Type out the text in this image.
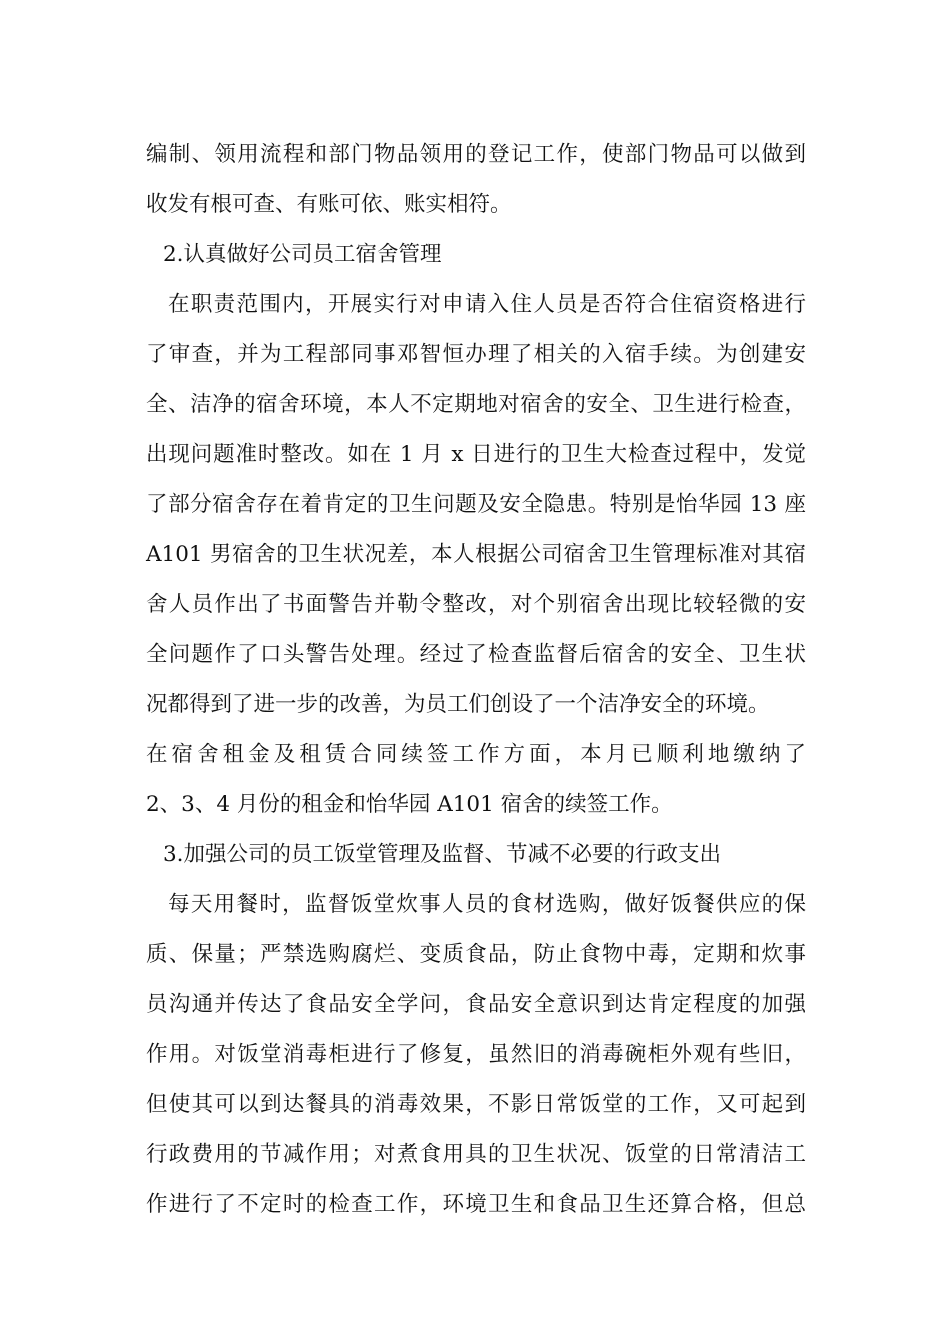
编制、领用流程和部门物品领用的登记工作，使部门物品可以做到
收发有根可查、有账可依、账实相符。
2.认真做好公司员工宿舍管理
在职责范围内，开展实行对申请入住人员是否符合住宿资格进行
了审查，并为工程部同事邓智恒办理了相关的入宿手续。为创建安
全、洁净的宿舍环境，本人不定期地对宿舍的安全、卫生进行检查，
出现问题准时整改。如在 1 月 x 日进行的卫生大检查过程中，发觉
了部分宿舍存在着肯定的卫生问题及安全隐患。特别是怡华园 13 座
A101 男宿舍的卫生状况差，本人根据公司宿舍卫生管理标准对其宿
舍人员作出了书面警告并勒令整改，对个别宿舍出现比较轻微的安
全问题作了口头警告处理。经过了检查监督后宿舍的安全、卫生状
况都得到了进一步的改善，为员工们创设了一个洁净安全的环境。
在宿舍租金及租赁合同续签工作方面，本月已顺利地缴纳了
2、3、4 月份的租金和怡华园 A101 宿舍的续签工作。
3.加强公司的员工饭堂管理及监督、节减不必要的行政支出
每天用餐时，监督饭堂炊事人员的食材选购，做好饭餐供应的保
质、保量；严禁选购腐烂、变质食品，防止食物中毒，定期和炊事
员沟通并传达了食品安全学问，食品安全意识到达肯定程度的加强
作用。对饭堂消毒柜进行了修复，虽然旧的消毒碗柜外观有些旧，
但使其可以到达餐具的消毒效果，不影日常饭堂的工作，又可起到
行政费用的节减作用；对煮食用具的卫生状况、饭堂的日常清洁工
作进行了不定时的检查工作，环境卫生和食品卫生还算合格，但总
